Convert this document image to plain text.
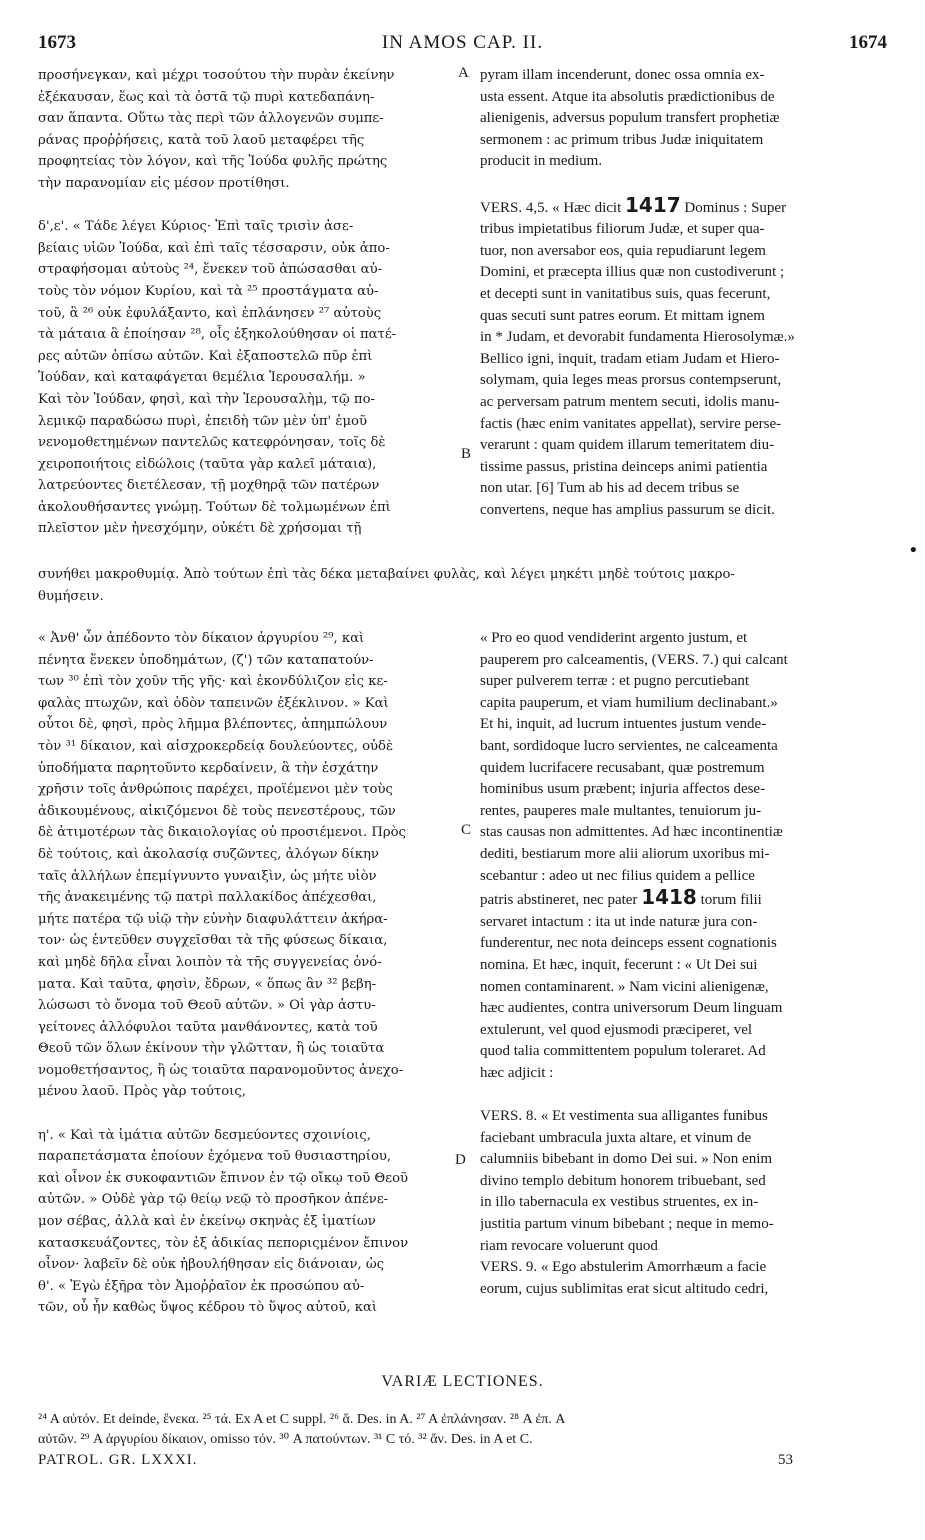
1673	IN AMOS CAP. II.	1674

προσήνεγκαν, καὶ μέχρι τοσούτου τὴν πυρὰν ἐκείνην

ἐξέκαυσαν, ἕως καὶ τὰ ὀστᾶ τῷ πυρὶ κατεδαπάνη-

σαν ἅπαντα. Οὕτω τὰς περὶ τῶν ἀλλογενῶν συμπε-

ράνας προῤῥήσεις, κατὰ τοῦ λαοῦ μεταφέρει τῆς

προφητείας τὸν λόγον, καὶ τῆς Ἰούδα φυλῆς πρώτης

τὴν παρανομίαν εἰς μέσον προτίθησι.

δ',ε'. « Τάδε λέγει Κύριος· Ἐπὶ ταῖς τρισὶν ἀσε-

βείαις υἱῶν Ἰούδα, καὶ ἐπὶ ταῖς τέσσαρσιν, οὐκ ἀπο-

στραφήσομαι αὐτοὺς ²⁴, ἕνεκεν τοῦ ἀπώσασθαι αὐ-

τοὺς τὸν νόμον Κυρίου, καὶ τὰ ²⁵ προστάγματα αὐ-

τοῦ, ἃ ²⁶ οὐκ ἐφυλάξαντο, καὶ ἐπλάνησεν ²⁷ αὐτοὺς

τὰ μάταια ἃ ἐποίησαν ²⁸, οἷς ἐξηκολούθησαν οἱ πατέ-

ρες αὐτῶν ὀπίσω αὐτῶν. Καὶ ἐξαποστελῶ πῦρ ἐπὶ

Ἰούδαν, καὶ καταφάγεται θεμέλια Ἱερουσαλήμ. »

Καὶ τὸν Ἰούδαν, φησὶ, καὶ τὴν Ἱερουσαλὴμ, τῷ πο-

λεμικῷ παραδώσω πυρὶ, ἐπειδὴ τῶν μὲν ὑπ' ἐμοῦ

νενομοθετημένων παντελῶς κατεφρόνησαν, τοῖς δὲ

χειροποιήτοις εἰδώλοις (ταῦτα γὰρ καλεῖ μάταια),

λατρεύοντες διετέλεσαν, τῇ μοχθηρᾷ τῶν πατέρων

ἀκολουθήσαντες γνώμῃ. Τούτων δὲ τολμωμένων ἐπὶ

πλεῖστον μὲν ἠνεσχόμην, οὐκέτι δὲ χρήσομαι τῇ

συνήθει μακροθυμίᾳ. Ἀπὸ τούτων ἐπὶ τὰς δέκα μεταβαίνει φυλὰς, καὶ λέγει μηκέτι μηδὲ τούτοις μακρο-
θυμήσειν.

« Ἀνθ' ὧν ἀπέδοντο τὸν δίκαιον ἀργυρίου ²⁹, καὶ

πένητα ἕνεκεν ὑποδημάτων, (ζ') τῶν καταπατούν-

των ³⁰ ἐπὶ τὸν χοῦν τῆς γῆς· καὶ ἐκονδύλιζον εἰς κε-

φαλὰς πτωχῶν, καὶ ὁδὸν ταπεινῶν ἐξέκλινον. » Καὶ

οὗτοι δὲ, φησὶ, πρὸς λῆμμα βλέποντες, ἀπημπώλουν

τὸν ³¹ δίκαιον, καὶ αἰσχροκερδείᾳ δουλεύοντες, οὐδὲ

ὑποδήματα παρητοῦντο κερδαίνειν, ἃ τὴν ἐσχάτην

χρῆσιν τοῖς ἀνθρώποις παρέχει, προϊέμενοι μὲν τοὺς

ἀδικουμένους, αἰκιζόμενοι δὲ τοὺς πενεστέρους, τῶν

δὲ ἀτιμοτέρων τὰς δικαιολογίας οὐ προσιέμενοι. Πρὸς

δὲ τούτοις, καὶ ἀκολασίᾳ συζῶντες, ἀλόγων δίκην

ταῖς ἀλλήλων ἐπεμίγνυντο γυναιξὶν, ὡς μήτε υἱὸν

τῆς ἀνακειμένης τῷ πατρὶ παλλακίδος ἀπέχεσθαι,

μήτε πατέρα τῷ υἱῷ τὴν εὐνὴν διαφυλάττειν ἀκήρα-

τον· ὡς ἐντεῦθεν συγχεῖσθαι τὰ τῆς φύσεως δίκαια,

καὶ μηδὲ δῆλα εἶναι λοιπὸν τὰ τῆς συγγενείας ὀνό-

ματα. Καὶ ταῦτα, φησὶν, ἔδρων, « ὅπως ἂν ³² βεβη-

λώσωσι τὸ ὄνομα τοῦ Θεοῦ αὐτῶν. » Οἱ γὰρ ἀστυ-

γείτονες ἀλλόφυλοι ταῦτα μανθάνοντες, κατὰ τοῦ

Θεοῦ τῶν ὅλων ἐκίνουν τὴν γλῶτταν, ἢ ὡς τοιαῦτα

νομοθετήσαντος, ἢ ὡς τοιαῦτα παρανομοῦντος ἀνεχο-

μένου λαοῦ. Πρὸς γὰρ τούτοις,

η'. « Καὶ τὰ ἱμάτια αὐτῶν δεσμεύοντες σχοινίοις,

παραπετάσματα ἐποίουν ἐχόμενα τοῦ θυσιαστηρίου,

καὶ οἶνον ἐκ συκοφαντιῶν ἔπινον ἐν τῷ οἴκῳ τοῦ Θεοῦ

αὐτῶν. » Οὐδὲ γὰρ τῷ θείῳ νεῷ τὸ προσῆκον ἀπένε-

μον σέβας, ἀλλὰ καὶ ἐν ἐκείνῳ σκηνὰς ἐξ ἱματίων

κατασκευάζοντες, τὸν ἐξ ἀδικίας πεποριςμένον ἔπινον

οἶνον· λαβεῖν δὲ οὐκ ἠβουλήθησαν εἰς διάνοιαν, ὡς

θ'. « Ἐγὼ ἐξῆρα τὸν Ἀμοῤῥαῖον ἐκ προσώπου αὐ-

τῶν, οὗ ἦν καθὼς ὕψος κέδρου τὸ ὕψος αὐτοῦ, καὶ

pyram illam incenderunt, donec ossa omnia ex-

usta essent. Atque ita absolutis prædictionibus de

alienigenis, adversus populum transfert prophetiæ

sermonem : ac primum tribus Judæ iniquitatem

producit in medium.

VERS. 4,5. « Hæc dicit 1417 Dominus : Super

tribus impietatibus filiorum Judæ, et super qua-

tuor, non aversabor eos, quia repudiarunt legem

Domini, et præcepta illius quæ non custodiverunt ;

et decepti sunt in vanitatibus suis, quas fecerunt,

quas secuti sunt patres eorum. Et mittam ignem

in * Judam, et devorabit fundamenta Hierosolymæ.»

Bellico igni, inquit, tradam etiam Judam et Hiero-

solymam, quia leges meas prorsus contempserunt,

ac perversam patrum mentem secuti, idolis manu-

factis (hæc enim vanitates appellat), servire perse-

verarunt : quam quidem illarum temeritatem diu-

tissime passus, pristina deinceps animi patientia

non utar. [6] Tum ab his ad decem tribus se

convertens, neque has amplius passurum se dicit.

« Pro eo quod vendiderint argento justum, et

pauperem pro calceamentis, (VERS. 7.) qui calcant

super pulverem terræ : et pugno percutiebant

capita pauperum, et viam humilium declinabant.»

Et hi, inquit, ad lucrum intuentes justum vende-

bant, sordidoque lucro servientes, ne calceamenta

quidem lucrifacere recusabant, quæ postremum

hominibus usum præbent; injuria affectos dese-

rentes, pauperes male multantes, tenuiorum ju-

stas causas non admittentes. Ad hæc incontinentiæ

dediti, bestiarum more alii aliorum uxoribus mi-

scebantur : adeo ut nec filius quidem a pellice

patris abstineret, nec pater 1418 torum filii

servaret intactum : ita ut inde naturæ jura con-

funderentur, nec nota deinceps essent cognationis

nomina. Et hæc, inquit, fecerunt : « Ut Dei sui

nomen contaminarent. » Nam vicini alienigenæ,

hæc audientes, contra universorum Deum linguam

extulerunt, vel quod ejusmodi præciperet, vel

quod talia committentem populum toleraret. Ad

hæc adjicit :

VERS. 8. « Et vestimenta sua alligantes funibus

faciebant umbracula juxta altare, et vinum de

calumniis bibebant in domo Dei sui. » Non enim

divino templo debitum honorem tribuebant, sed

in illo tabernacula ex vestibus struentes, ex in-

justitia partum vinum bibebant ; neque in memo-

riam revocare voluerunt quod

VERS. 9. « Ego abstulerim Amorrhæum a facie

eorum, cujus sublimitas erat sicut altitudo cedri,

A
B
C
D
•
VARIÆ LECTIONES.

²⁴ A αὐτόν. Et deinde, ἕνεκα. ²⁵ τά. Ex A et C suppl. ²⁶ ἅ. Des. in A. ²⁷ A ἐπλάνησαν. ²⁸ A ἐπ. A

αὐτῶν. ²⁹ A ἀργυρίου δίκαιον, omisso τόν. ³⁰ A πατούντων. ³¹ C τό. ³² ἄν. Des. in A et C.

PATROL. GR. LXXXI.	53
